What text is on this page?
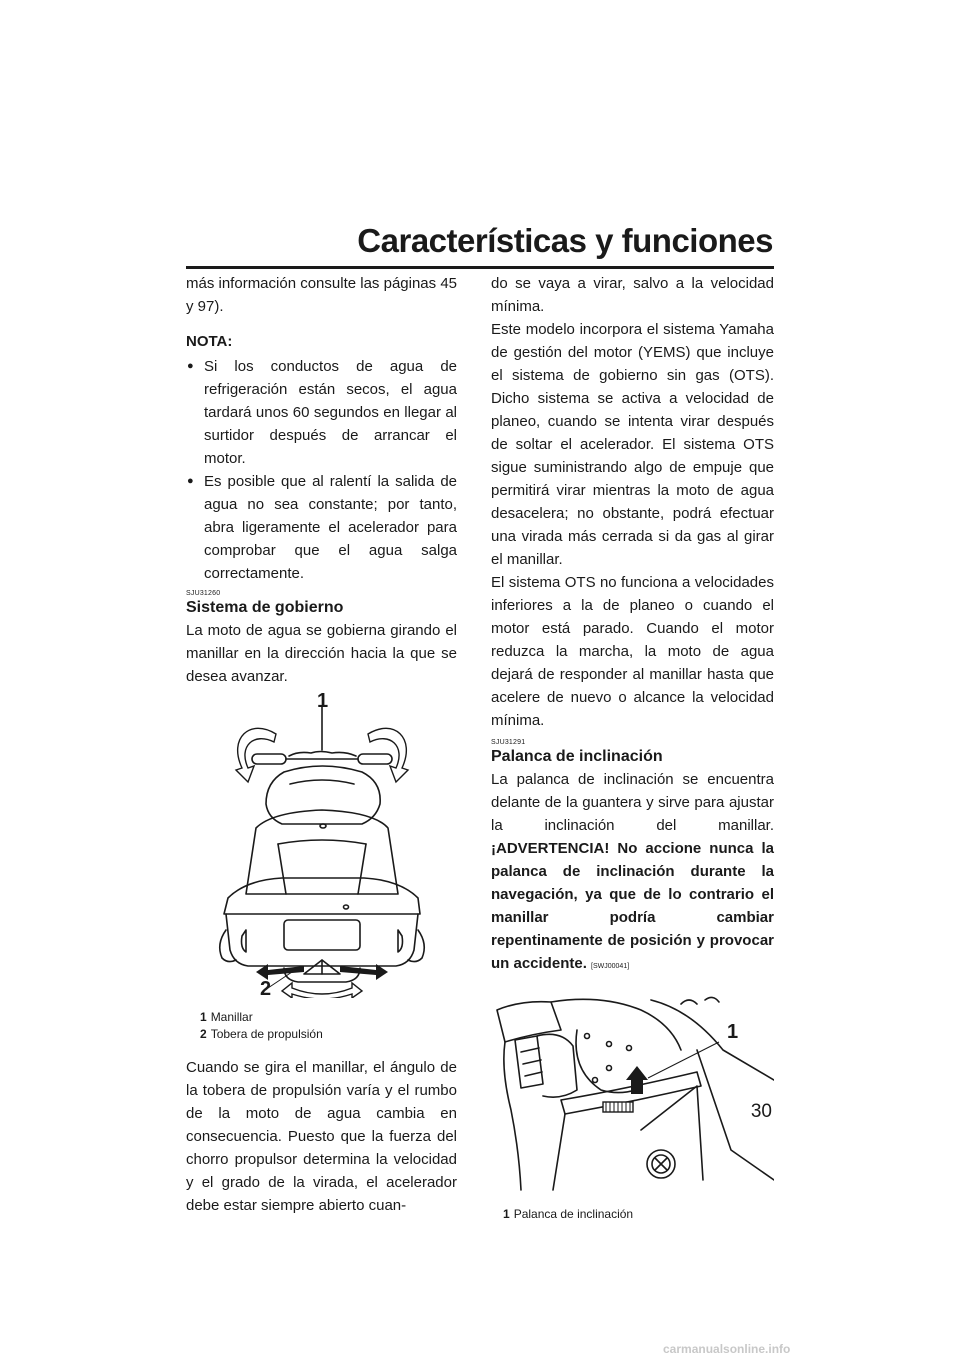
Características y funciones

más información consulte las páginas 45 y 97).

NOTA:
● Si los conductos de agua de refrigeración están secos, el agua tardará unos 60 segundos en llegar al surtidor después de arrancar el motor.
● Es posible que al ralentí la salida de agua no sea constante; por tanto, abra ligeramente el acelerador para comprobar que el agua salga correctamente.
SJU31260
Sistema de gobierno

La moto de agua se gobierna girando el manillar en la dirección hacia la que se desea avanzar.

1
2
1 Manillar
2 Tobera de propulsión

Cuando se gira el manillar, el ángulo de la tobera de propulsión varía y el rumbo de la moto de agua cambia en consecuencia. Puesto que la fuerza del chorro propulsor determina la velocidad y el grado de la virada, el acelerador debe estar siempre abierto cuan-

do se vaya a virar, salvo a la velocidad mínima.

Este modelo incorpora el sistema Yamaha de gestión del motor (YEMS) que incluye el sistema de gobierno sin gas (OTS). Dicho sistema se activa a velocidad de planeo, cuando se intenta virar después de soltar el acelerador. El sistema OTS sigue suministrando algo de empuje que permitirá virar mientras la moto de agua desacelera; no obstante, podrá efectuar una virada más cerrada si da gas al girar el manillar.

El sistema OTS no funciona a velocidades inferiores a la de planeo o cuando el motor está parado. Cuando el motor reduzca la marcha, la moto de agua dejará de responder al manillar hasta que acelere de nuevo o alcance la velocidad mínima.

SJU31291
Palanca de inclinación

La palanca de inclinación se encuentra delante de la guantera y sirve para ajustar la inclinación del manillar. ¡ADVERTENCIA! No accione nunca la palanca de inclinación durante la navegación, ya que de lo contrario el manillar podría cambiar repentinamente de posición y provocar un accidente. [SWJ00041]

1
1 Palanca de inclinación
30
carmanualsonline.info
